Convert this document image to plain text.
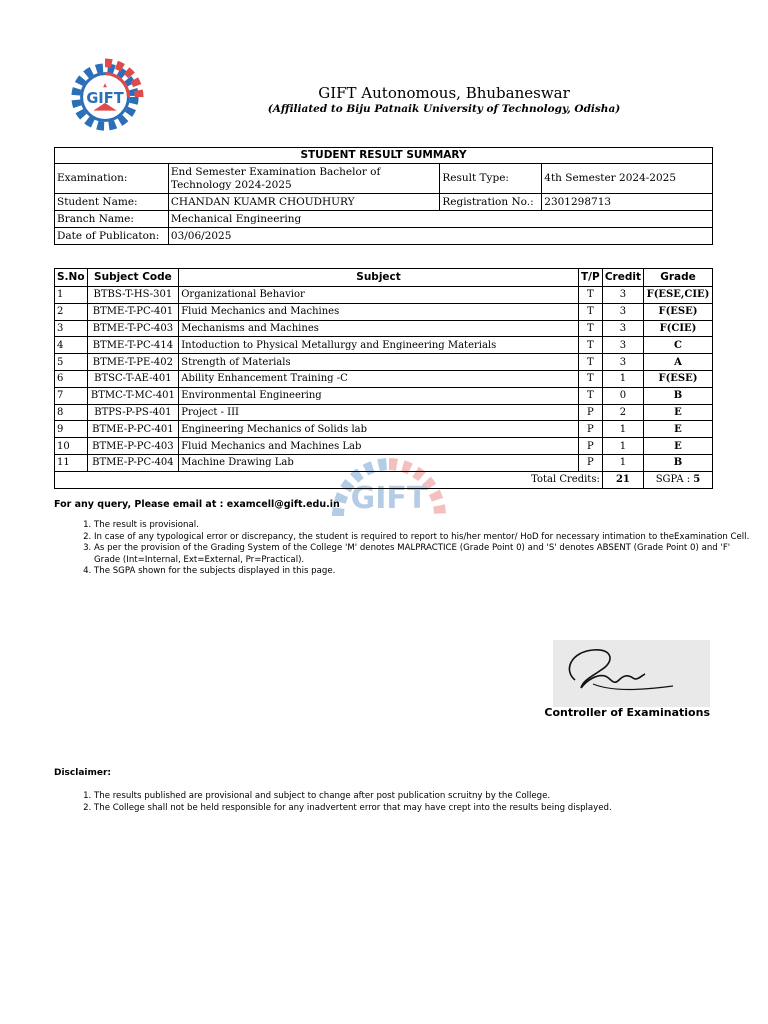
GIFT	GIFT Autonomous, Bhubaneswar
(Affiliated to Biju Patnaik University of Technology, Odisha)
STUDENT RESULT SUMMARY			
Examination:	End Semester Examination Bachelor of Technology 2024-2025	Result Type:	4th Semester 2024-2025
Student Name:	CHANDAN KUAMR CHOUDHURY	Registration No.:	2301298713
Branch Name:	Mechanical Engineering		
Date of Publicaton:	03/06/2025		
GIFT
S.No	Subject Code	Subject	T/P	Credit	Grade
1	BTBS-T-HS-301	Organizational Behavior	T	3	F(ESE,CIE)
2	BTME-T-PC-401	Fluid Mechanics and Machines	T	3	F(ESE)
3	BTME-T-PC-403	Mechanisms and Machines	T	3	F(CIE)
4	BTME-T-PC-414	Intoduction to Physical Metallurgy and Engineering Materials	T	3	C
5	BTME-T-PE-402	Strength of Materials	T	3	A
6	BTSC-T-AE-401	Ability Enhancement Training -C	T	1	F(ESE)
7	BTMC-T-MC-401	Environmental Engineering	T	0	B
8	BTPS-P-PS-401	Project - III	P	2	E
9	BTME-P-PC-401	Engineering Mechanics of Solids lab	P	1	E
10	BTME-P-PC-403	Fluid Mechanics and Machines Lab	P	1	E
11	BTME-P-PC-404	Machine Drawing Lab	P	1	B
Total Credits:				21	SGPA : 5
For any query, Please email at : examcell@gift.edu.in
1. The result is provisional.
2. In case of any typological error or discrepancy, the student is required to report to his/her mentor/ HoD for necessary intimation to theExamination Cell.
3. As per the provision of the Grading System of the College 'M' denotes MALPRACTICE (Grade Point 0) and 'S' denotes ABSENT (Grade Point 0) and 'F' Grade (Int=Internal, Ext=External, Pr=Practical).
4. The SGPA shown for the subjects displayed in this page.
Controller of Examinations
Disclaimer:
1. The results published are provisional and subject to change after post publication scruitny by the College.
2. The College shall not be held responsible for any inadvertent error that may have crept into the results being displayed.
